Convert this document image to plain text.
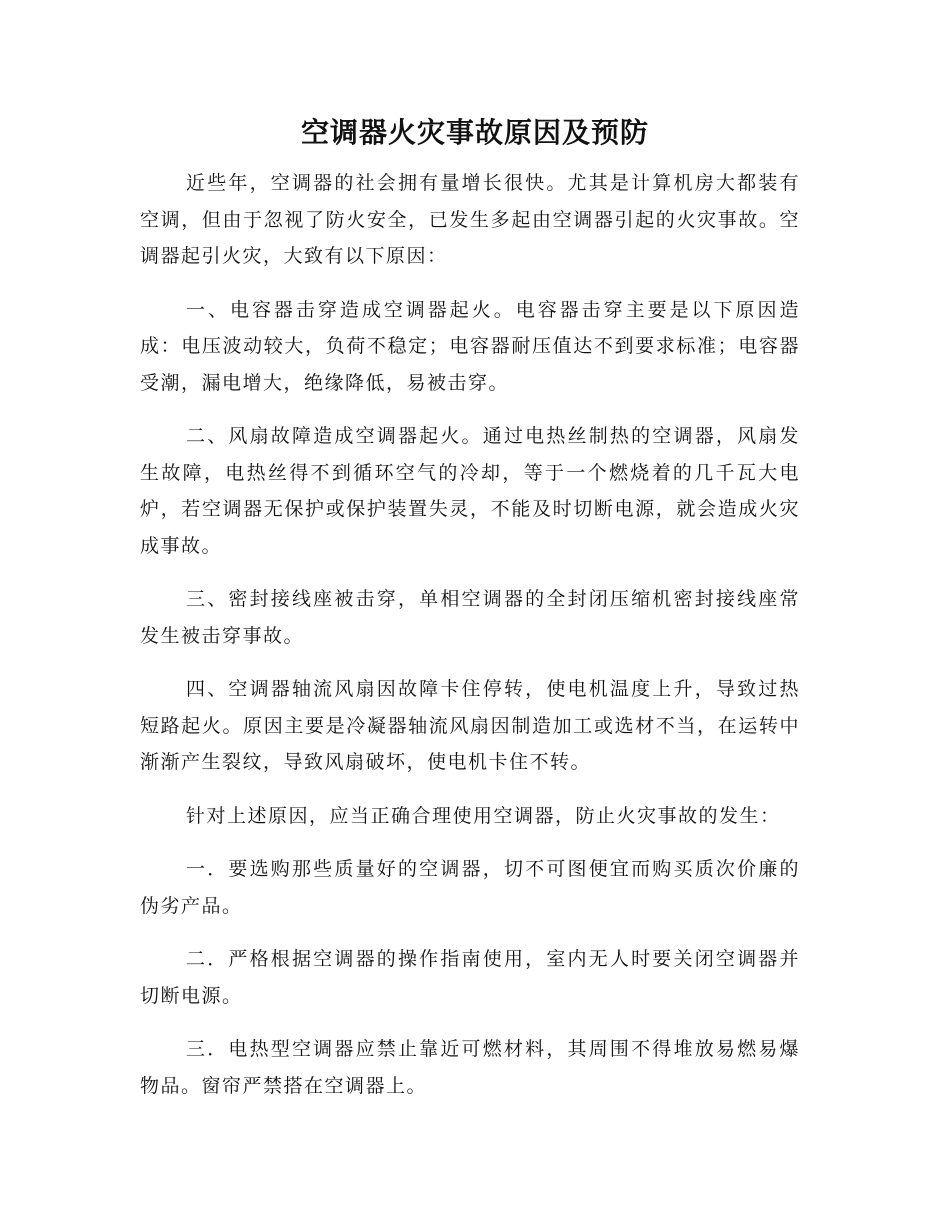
空调器火灾事故原因及预防

近些年，空调器的社会拥有量增长很快。尤其是计算机房大都装有空调，但由于忽视了防火安全，已发生多起由空调器引起的火灾事故。空调器起引火灾，大致有以下原因：

一、电容器击穿造成空调器起火。电容器击穿主要是以下原因造成：电压波动较大，负荷不稳定；电容器耐压值达不到要求标准；电容器受潮，漏电增大，绝缘降低，易被击穿。

二、风扇故障造成空调器起火。通过电热丝制热的空调器，风扇发生故障，电热丝得不到循环空气的冷却，等于一个燃烧着的几千瓦大电炉，若空调器无保护或保护装置失灵，不能及时切断电源，就会造成火灾成事故。

三、密封接线座被击穿，单相空调器的全封闭压缩机密封接线座常发生被击穿事故。

四、空调器轴流风扇因故障卡住停转，使电机温度上升，导致过热短路起火。原因主要是冷凝器轴流风扇因制造加工或选材不当，在运转中渐渐产生裂纹，导致风扇破坏，使电机卡住不转。

针对上述原因，应当正确合理使用空调器，防止火灾事故的发生：

一．要选购那些质量好的空调器，切不可图便宜而购买质次价廉的伪劣产品。

二．严格根据空调器的操作指南使用，室内无人时要关闭空调器并切断电源。

三．电热型空调器应禁止靠近可燃材料，其周围不得堆放易燃易爆物品。窗帘严禁搭在空调器上。
